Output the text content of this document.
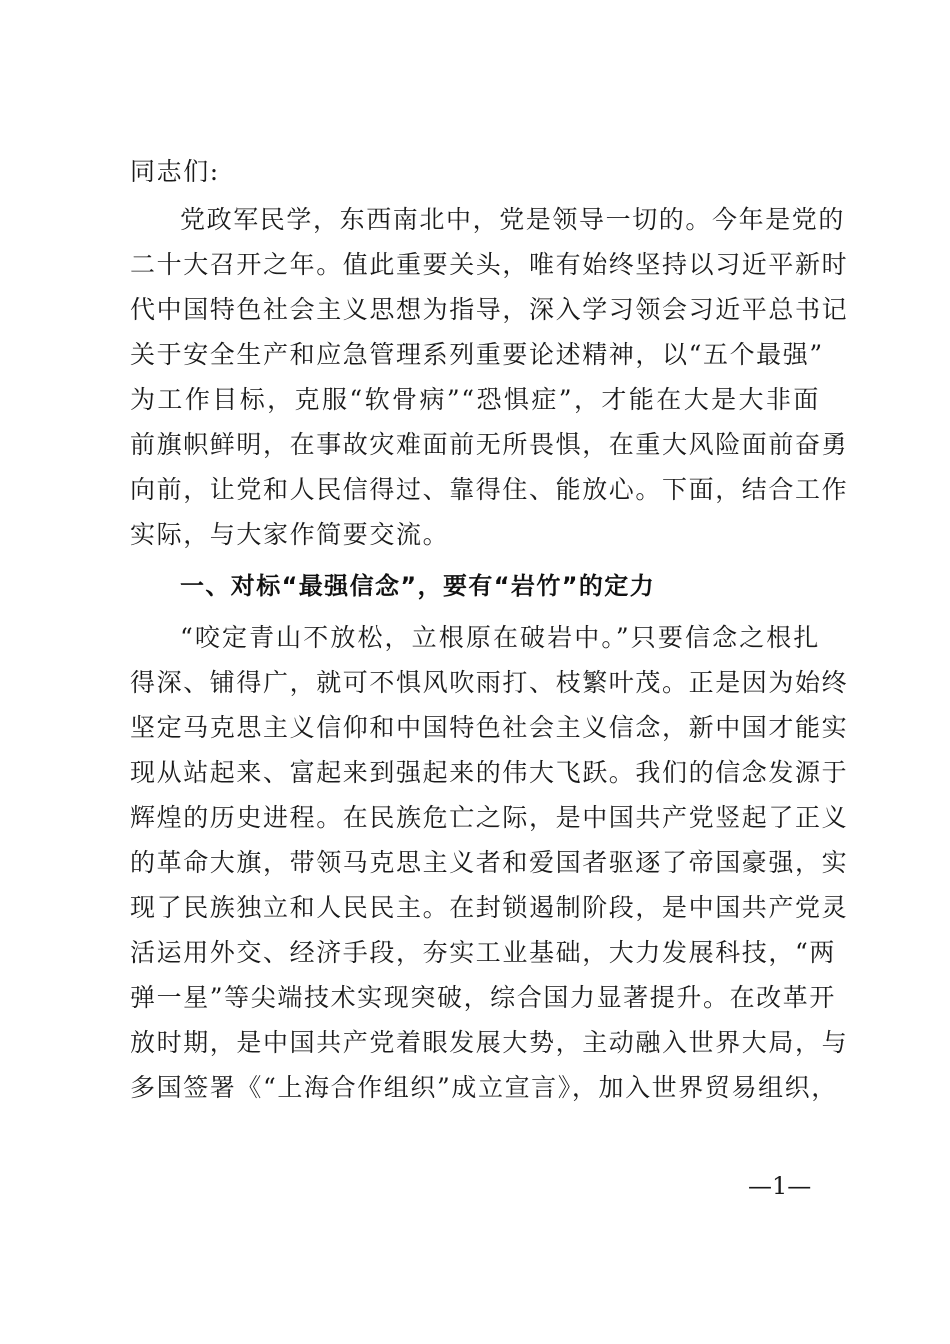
同志们:
党政军民学，东西南北中，党是领导一切的。今年是党的
二十大召开之年。值此重要关头，唯有始终坚持以习近平新时
代中国特色社会主义思想为指导，深入学习领会习近平总书记
关于安全生产和应急管理系列重要论述精神，以“五个最强”
为工作目标，克服“软骨病”“恐惧症”，才能在大是大非面
前旗帜鲜明，在事故灾难面前无所畏惧，在重大风险面前奋勇
向前，让党和人民信得过、靠得住、能放心。下面，结合工作
实际，与大家作简要交流。
一、对标“最强信念”，要有“岩竹”的定力
“咬定青山不放松，立根原在破岩中。”只要信念之根扎
得深、铺得广，就可不惧风吹雨打、枝繁叶茂。正是因为始终
坚定马克思主义信仰和中国特色社会主义信念，新中国才能实
现从站起来、富起来到强起来的伟大飞跃。我们的信念发源于
辉煌的历史进程。在民族危亡之际，是中国共产党竖起了正义
的革命大旗，带领马克思主义者和爱国者驱逐了帝国豪强，实
现了民族独立和人民民主。在封锁遏制阶段，是中国共产党灵
活运用外交、经济手段，夯实工业基础，大力发展科技，“两
弹一星”等尖端技术实现突破，综合国力显著提升。在改革开
放时期，是中国共产党着眼发展大势，主动融入世界大局，与
多国签署《“上海合作组织”成立宣言》，加入世界贸易组织，
—1—
